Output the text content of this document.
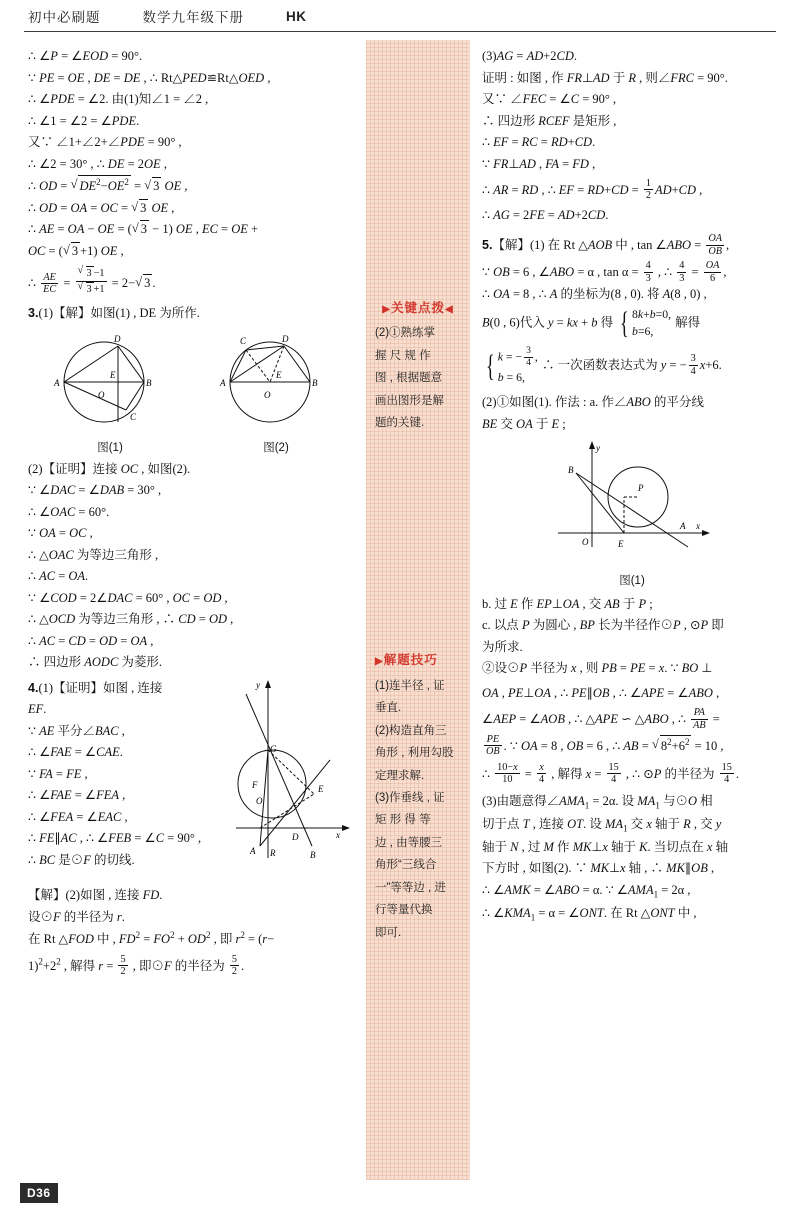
初中必刷题	数学九年级下册	HK
▶关键点拨◀

(2)①熟练掌

握 尺 规 作

图 , 根据题意

画出图形是解

题的关键.

▶解题技巧

(1)连半径 , 证

垂直.

(2)构造直角三

角形 , 利用勾股

定理求解.

(3)作垂线 , 证

矩 形 得 等

边 , 由等腰三

角形“三线合

一”等等边 , 进

行等量代换

即可.

∴ ∠P = ∠EOD = 90°.

∵ PE = OE , DE = DE , ∴ Rt△PED≌Rt△OED ,

∴ ∠PDE = ∠2. 由(1)知∠1 = ∠2 ,

∴ ∠1 = ∠2 = ∠PDE.

又∵ ∠1+∠2+∠PDE = 90° ,

∴ ∠2 = 30° , ∴ DE = 2OE ,

∴ OD = √ $DE^2-OE^2$ = √ 3 OE ,

∴ OD = OA = OC = √ 3 OE ,

∴ AE = OA − OE = ( √ 3 − 1) OE , EC = OE +

OC = ( √ 3 +1) OE ,

∴ $\frac{AE}{EC}$ = √ 3 −1
√ 3 +1 = 2− √ 3 .

3.(1)【解】如图(1) , DE 为所作.

D
A
E
B
O
C
图(1)
C	D
A
E
B
O
图(2)

(2)【证明】连接 OC , 如图(2).

∵ ∠DAC = ∠DAB = 30° ,

∴ ∠OAC = 60°.

∵ OA = OC ,

∴ △OAC 为等边三角形 ,

∴ AC = OA.

∵ ∠COD = 2∠DAC = 60° , OC = OD ,

∴ △OCD 为等边三角形 , ∴ CD = OD ,

∴ AC = CD = OD = OA ,

∴ 四边形 AODC 为菱形.

y
G
E
F
O
D	x
A R	B

4.(1)【证明】如图 , 连接

EF.

∵ AE 平分∠BAC ,

∴ ∠FAE = ∠CAE.

∵ FA = FE ,

∴ ∠FAE = ∠FEA ,

∴ ∠FEA = ∠EAC ,

∴ FE∥AC , ∴ ∠FEB = ∠C = 90° ,

∴ BC 是⊙F 的切线.

【解】(2)如图 , 连接 FD.

设⊙F 的半径为 r.

在 Rt △FOD 中 , $FD^2 = FO^2 + OD^2$ , 即 $r^2 = (r-$

$1)^2+2^2$ , 解得 $r = \frac{5}{2}$ , 即⊙F 的半径为 $\frac{5}{2}$ .

(3)AG = AD+2CD.

证明 : 如图 , 作 FR⊥AD 于 R , 则∠FRC = 90°.

又∵ ∠FEC = ∠C = 90° ,

∴ 四边形 RCEF 是矩形 ,

∴ EF = RC = RD+CD.

∵ FR⊥AD , FA = FD ,

∴ AR = RD , ∴ EF = $RD+CD = \frac{1}{2} AD+CD$ ,

∴ AG = 2FE = AD+2CD.

5.【解】(1) 在 Rt △AOB 中 , tan ∠ABO = $\frac{OA}{OB}$ ,

∵ OB = 6 , ∠ABO = α , $\tan \alpha = \frac{4}{3}$ , ∴ $\frac{4}{3} = \frac{OA}{6}$ ,

∴ OA = 8 , ∴ A 的坐标为(8 , 0). 将 A(8 , 0) ,

B(0 , 6)代入 y = kx + b 得 { 8k+b=0,
b=6,
解得

{ k = − $\frac{3}{4}$ ,
b = 6,
∴ 一次函数表达式为 y = − $\frac{3}{4} x+6$.

(2)①如图(1). 作法 : a. 作∠ABO 的平分线

BE 交 OA 于 E ;

y
B
P
O	E
A x
图(1)

b. 过 E 作 EP⊥OA , 交 AB 于 P ;

c. 以点 P 为圆心 , BP 长为半径作⊙P , ⊙P 即

为所求.

②设⊙P 半径为 x , 则 PB = PE = x. ∵ BO ⊥

OA , PE⊥OA , ∴ PE∥OB , ∴ ∠APE = ∠ABO ,

∠AEP = ∠AOB , ∴ △APE ∽ △ABO , ∴ $\frac{PA}{AB}$ =

$\frac{PE}{OB}$ . ∵ OA = 8 , OB = 6 , ∴ AB = √ $8^2+6^2 = 10$ ,

∴ $\frac{10-x}{10} = \frac{x}{4}$ , 解得 $x = \frac{15}{4}$ , ∴ ⊙P 的半径为 $\frac{15}{4}$ .

(3)由题意得$\angle AMA_1 = 2\alpha$. 设 $MA_1$ 与⊙O 相

切于点 T , 连接 OT. 设 $MA_1$ 交 x 轴于 R , 交 y

轴于 N , 过 M 作 MK⊥x 轴于 K. 当切点在 x 轴

下方时 , 如图(2). ∵ MK⊥x 轴 , ∴ MK∥OB ,

∴ ∠AMK = ∠ABO = α. ∵ $\angle AMA_1 = 2\alpha$ ,

∴ $\angle KMA_1 = \alpha$ = ∠ONT. 在 Rt △ONT 中 ,

D36
